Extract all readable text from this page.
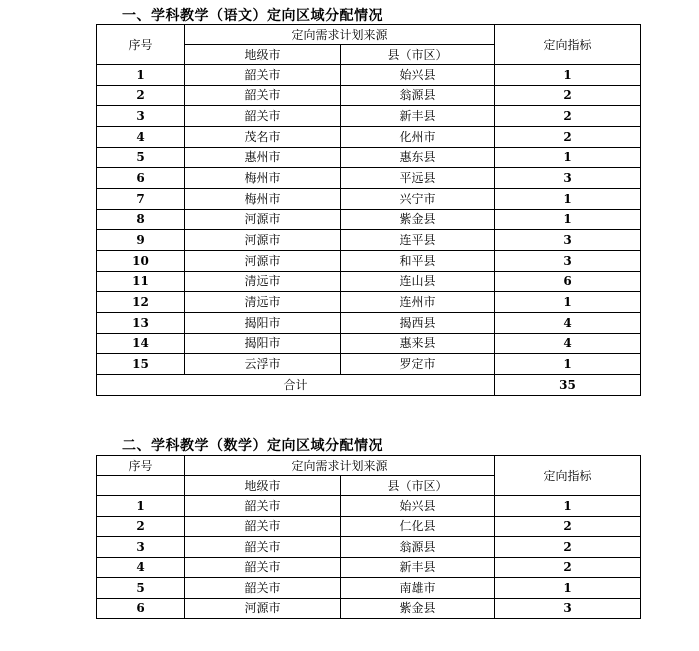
一、学科教学（语文）定向区域分配情况
序号	定向需求计划来源		定向指标
	地级市	县（市区）	
1	韶关市	始兴县	1
2	韶关市	翁源县	2
3	韶关市	新丰县	2
4	茂名市	化州市	2
5	惠州市	惠东县	1
6	梅州市	平远县	3
7	梅州市	兴宁市	1
8	河源市	紫金县	1
9	河源市	连平县	3
10	河源市	和平县	3
11	清远市	连山县	6
12	清远市	连州市	1
13	揭阳市	揭西县	4
14	揭阳市	惠来县	4
15	云浮市	罗定市	1
合计			35
二、学科教学（数学）定向区域分配情况
序号	定向需求计划来源		定向指标
	地级市	县（市区）	
1	韶关市	始兴县	1
2	韶关市	仁化县	2
3	韶关市	翁源县	2
4	韶关市	新丰县	2
5	韶关市	南雄市	1
6	河源市	紫金县	3
